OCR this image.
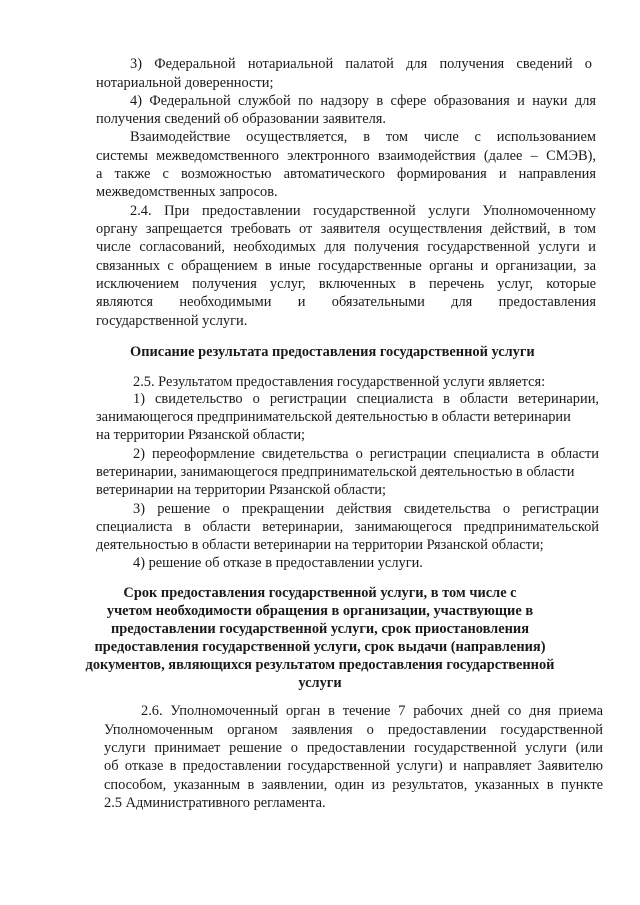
3) Федеральной нотариальной палатой для получения сведений о
нотариальной доверенности;
4) Федеральной службой по надзору в сфере образования и науки для
получения сведений об образовании заявителя.
Взаимодействие осуществляется, в том числе с использованием
системы межведомственного электронного взаимодействия (далее – СМЭВ),
а также с возможностью автоматического формирования и направления
межведомственных запросов.
2.4. При предоставлении государственной услуги Уполномоченному
органу запрещается требовать от заявителя осуществления действий, в том
числе согласований, необходимых для получения государственной услуги и
связанных с обращением в иные государственные органы и организации, за
исключением получения услуг, включенных в перечень услуг, которые
являются необходимыми и обязательными для предоставления
государственной услуги.
Описание результата предоставления государственной услуги
2.5. Результатом предоставления государственной услуги является:
1) свидетельство о регистрации специалиста в области ветеринарии,
занимающегося предпринимательской деятельностью в области ветеринарии
на территории Рязанской области;
2) переоформление свидетельства о регистрации специалиста в области
ветеринарии, занимающегося предпринимательской деятельностью в области
ветеринарии на территории Рязанской области;
3) решение о прекращении действия свидетельства о регистрации
специалиста в области ветеринарии, занимающегося предпринимательской
деятельностью в области ветеринарии на территории Рязанской области;
4) решение об отказе в предоставлении услуги.
Срок предоставления государственной услуги, в том числе с
учетом необходимости обращения в организации, участвующие в
предоставлении государственной услуги, срок приостановления
предоставления государственной услуги, срок выдачи (направления)
документов, являющихся результатом предоставления государственной
услуги
2.6. Уполномоченный орган в течение 7 рабочих дней со дня приема
Уполномоченным органом заявления о предоставлении государственной
услуги принимает решение о предоставлении государственной услуги (или
об отказе в предоставлении государственной услуги) и направляет Заявителю
способом, указанным в заявлении, один из результатов, указанных в пункте
2.5 Административного регламента.
